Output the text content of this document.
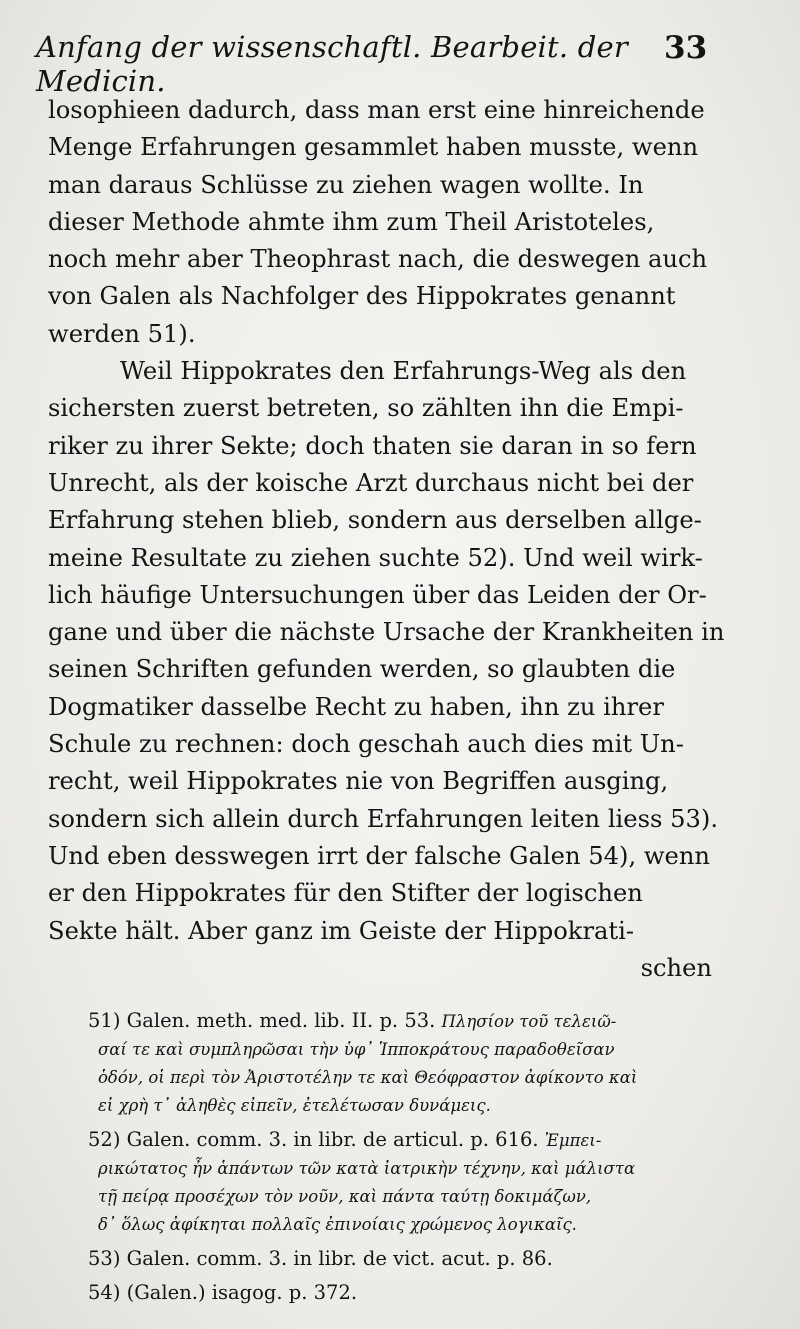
Anfang der wissenschaftl. Bearbeit. der Medicin.
33
losophieen dadurch, dass man erst eine hinreichende
Menge Erfahrungen gesammlet haben musste, wenn
man daraus Schlüsse zu ziehen wagen wollte. In
dieser Methode ahmte ihm zum Theil Aristoteles,
noch mehr aber Theophrast nach, die deswegen auch
von Galen als Nachfolger des Hippokrates genannt
werden 51).
Weil Hippokrates den Erfahrungs-Weg als den
sichersten zuerst betreten, so zählten ihn die Empi-
riker zu ihrer Sekte; doch thaten sie daran in so fern
Unrecht, als der koische Arzt durchaus nicht bei der
Erfahrung stehen blieb, sondern aus derselben allge-
meine Resultate zu ziehen suchte 52). Und weil wirk-
lich häufige Untersuchungen über das Leiden der Or-
gane und über die nächste Ursache der Krankheiten in
seinen Schriften gefunden werden, so glaubten die
Dogmatiker dasselbe Recht zu haben, ihn zu ihrer
Schule zu rechnen: doch geschah auch dies mit Un-
recht, weil Hippokrates nie von Begriffen ausging,
sondern sich allein durch Erfahrungen leiten liess 53).
Und eben desswegen irrt der falsche Galen 54), wenn
er den Hippokrates für den Stifter der logischen
Sekte hält. Aber ganz im Geiste der Hippokrati-
schen
51) Galen. meth. med. lib. II. p. 53. Πλησίον τοῦ τελειῶ-
σαί τε καὶ συμπληρῶσαι τὴν ὑφ᾽ Ἱπποκράτους παραδοθεῖσαν
ὁδόν, οἱ περὶ τὸν Ἀριστοτέλην τε καὶ Θεόφραστον ἀφίκοντο καὶ
εἰ χρὴ τ᾽ ἀληθὲς εἰπεῖν, ἐτελέτωσαν δυνάμεις.
52) Galen. comm. 3. in libr. de articul. p. 616. Ἐμπει-
ρικώτατος ἦν ἁπάντων τῶν κατὰ ἰατρικὴν τέχνην, καὶ μάλιστα
τῇ πείρᾳ προσέχων τὸν νοῦν, καὶ πάντα ταύτῃ δοκιμάζων,
δ᾽ ὅλως ἀφίκηται πολλαῖς ἐπινοίαις χρώμενος λογικαῖς.
53) Galen. comm. 3. in libr. de vict. acut. p. 86.
54) (Galen.) isagog. p. 372.
